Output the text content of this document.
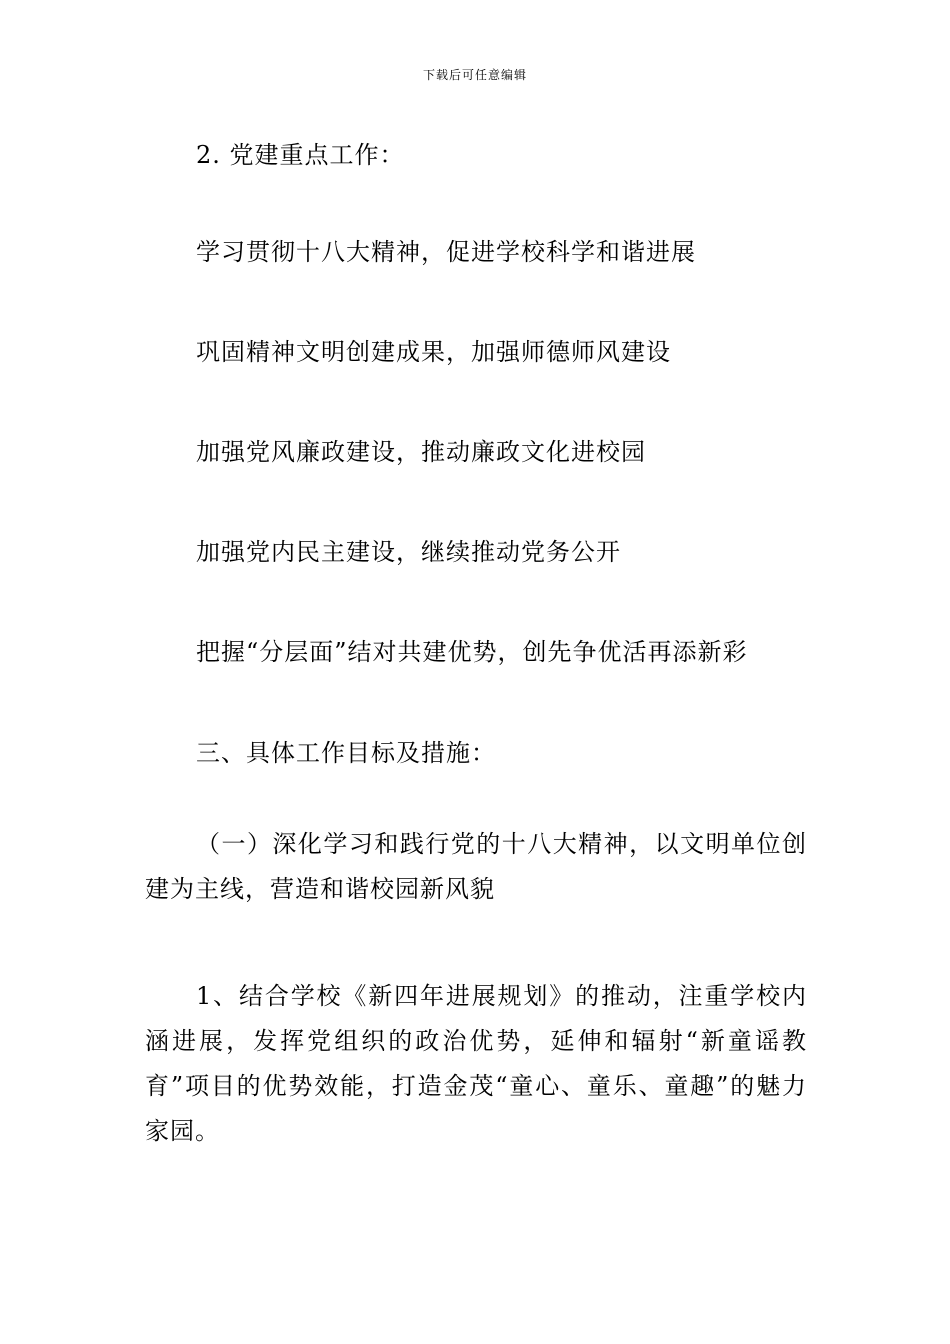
下载后可任意编辑
2. 党建重点工作：
学习贯彻十八大精神，促进学校科学和谐进展
巩固精神文明创建成果，加强师德师风建设
加强党风廉政建设，推动廉政文化进校园
加强党内民主建设，继续推动党务公开
把握“分层面”结对共建优势，创先争优活再添新彩
三、具体工作目标及措施：
（一）深化学习和践行党的十八大精神，以文明单位创建为主线，营造和谐校园新风貌
1、结合学校《新四年进展规划》的推动，注重学校内涵进展，发挥党组织的政治优势，延伸和辐射“新童谣教育”项目的优势效能，打造金茂“童心、童乐、童趣”的魅力家园。
